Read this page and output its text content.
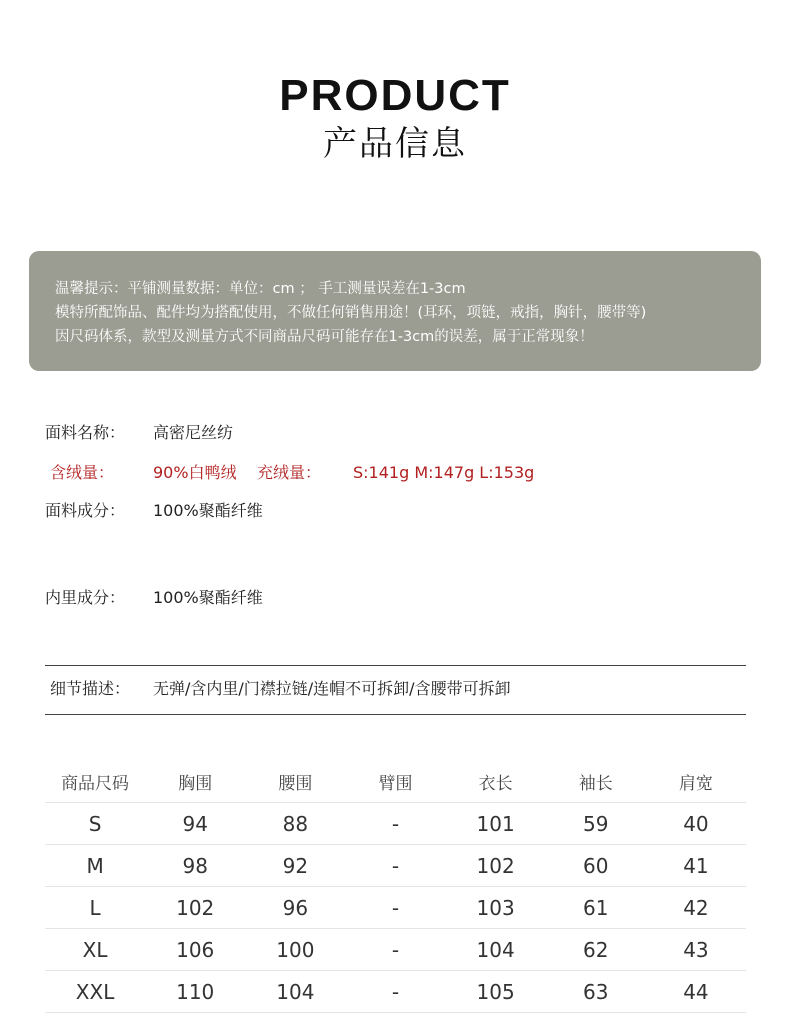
PRODUCT
产品信息
温馨提示：平铺测量数据：单位：cm ； 手工测量误差在1-3cm
模特所配饰品、配件均为搭配使用，不做任何销售用途！(耳环，项链，戒指，胸针，腰带等)
因尺码体系，款型及测量方式不同商品尺码可能存在1-3cm的误差，属于正常现象！
面料名称： 高密尼丝纺
含绒量： 90%白鸭绒 充绒量： S:141g M:147g L:153g
面料成分： 100%聚酯纤维
内里成分： 100%聚酯纤维
细节描述： 无弹/含内里/门襟拉链/连帽不可拆卸/含腰带可拆卸
商品尺码	胸围	腰围	臂围	衣长	袖长	肩宽
S	94	88	-	101	59	40
M	98	92	-	102	60	41
L	102	96	-	103	61	42
XL	106	100	-	104	62	43
XXL	110	104	-	105	63	44
